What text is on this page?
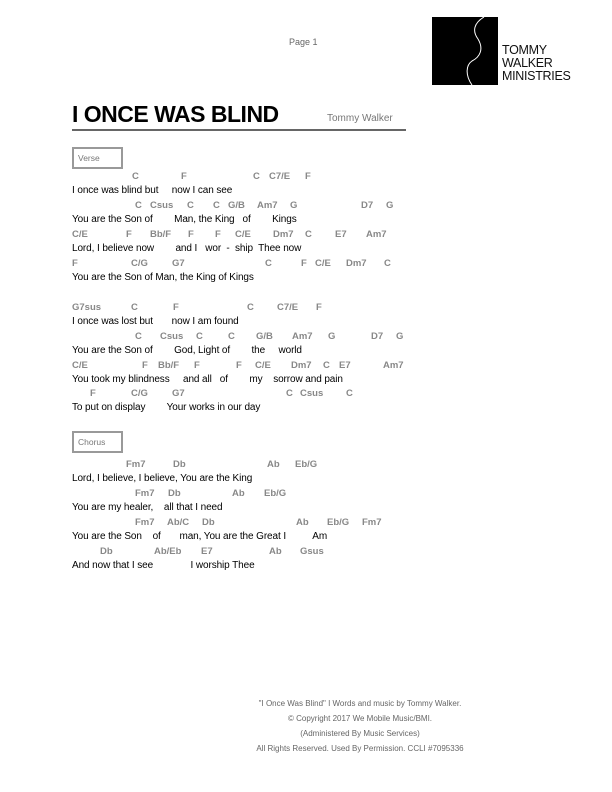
Page 1
TOMMY
WALKER
MINISTRIES
I ONCE WAS BLIND	Tommy Walker
Verse
Chorus
C	F	C C7/E F
I once was blind but     now I can see
C Csus C C G/B Am7 G	D7 G
You are the Son of        Man, the King   of        Kings
C/E	F Bb/F F F C/E Dm7 C E7 Am7
Lord, I believe now        and I   wor  -  ship  Thee now
F	C/G	G7	C	F C/E Dm7 C
You are the Son of Man, the King of Kings
G7sus	C	F	C C7/E F
I once was lost but       now I am found
C Csus C	C G/B Am7 G	D7 G
You are the Son of        God, Light of        the     world
C/E	F Bb/F F	F C/E Dm7 C E7	Am7
You took my blindness     and all   of        my    sorrow and pain
F	C/G	G7	C Csus C
To put on display        Your works in our day
Fm7	Db	Ab Eb/G
Lord, I believe, I believe, You are the King
Fm7 Db	Ab Eb/G
You are my healer,    all that I need
Fm7 Ab/C Db	Ab Eb/G Fm7
You are the Son    of       man, You are the Great I          Am
Db	Ab/Eb E7	Ab Gsus
And now that I see              I worship Thee
"I Once Was Blind" I Words and music by Tommy Walker.
© Copyright 2017 We Mobile Music/BMI.
(Administered By Music Services)
All Rights Reserved. Used By Permission. CCLI #7095336
